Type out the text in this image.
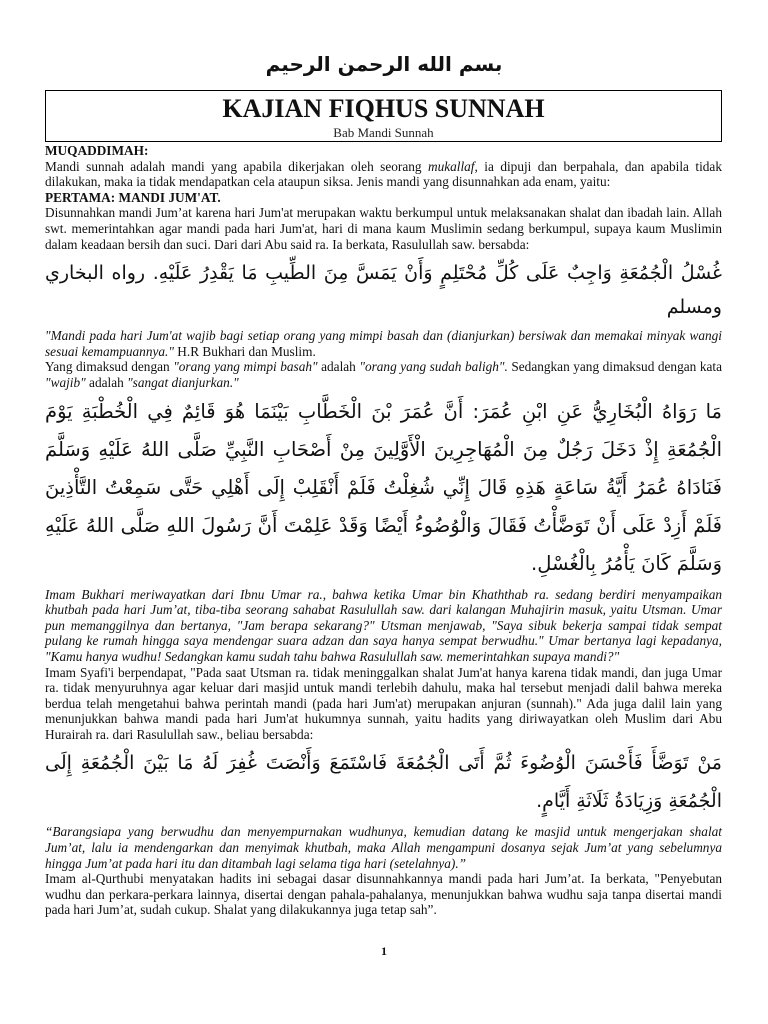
بسم الله الرحمن الرحيم
KAJIAN FIQHUS SUNNAH
Bab Mandi Sunnah

MUQADDIMAH:

Mandi sunnah adalah mandi yang apabila dikerjakan oleh seorang mukallaf, ia dipuji dan berpahala, dan apabila tidak dilakukan, maka ia tidak mendapatkan cela ataupun siksa. Jenis mandi yang disunnahkan ada enam, yaitu:

PERTAMA: MANDI JUM'AT.

Disunnahkan mandi Jum’at karena hari Jum'at merupakan waktu berkumpul untuk melaksanakan shalat dan ibadah lain. Allah swt. memerintahkan agar mandi pada hari Jum'at, hari di mana kaum Muslimin sedang berkumpul, supaya kaum Muslimin dalam keadaan bersih dan suci. Dari dari Abu said ra. Ia berkata, Rasulullah saw. bersabda:

غُسْلُ الْجُمُعَةِ وَاجِبٌ عَلَى كُلِّ مُحْتَلِمٍ وَأَنْ يَمَسَّ مِنَ الطِّيبِ مَا يَقْدِرُ عَلَيْهِ. رواه البخاري ومسلم

"Mandi pada hari Jum'at wajib bagi setiap orang yang mimpi basah dan (dianjurkan) bersiwak dan memakai minyak wangi sesuai kemampuannya." H.R Bukhari dan Muslim.

Yang dimaksud dengan "orang yang mimpi basah" adalah "orang yang sudah baligh". Sedangkan yang dimaksud dengan kata "wajib" adalah "sangat dianjurkan."

مَا رَوَاهُ الْبُخَارِيُّ عَنِ ابْنِ عُمَرَ: أَنَّ عُمَرَ بْنَ الْخَطَّابِ بَيْنَمَا هُوَ قَائِمٌ فِي الْخُطْبَةِ يَوْمَ الْجُمُعَةِ إِذْ دَخَلَ رَجُلٌ مِنَ الْمُهَاجِرِينَ الْأَوَّلِينَ مِنْ أَصْحَابِ النَّبِيِّ صَلَّى اللهُ عَلَيْهِ وَسَلَّمَ فَنَادَاهُ عُمَرُ أَيَّةُ سَاعَةٍ هَذِهِ قَالَ إِنِّي شُغِلْتُ فَلَمْ أَنْقَلِبْ إِلَى أَهْلِي حَتَّى سَمِعْتُ التَّأْذِينَ فَلَمْ أَزِدْ عَلَى أَنْ تَوَضَّأْتُ فَقَالَ وَالْوُضُوءُ أَيْضًا وَقَدْ عَلِمْتَ أَنَّ رَسُولَ اللهِ صَلَّى اللهُ عَلَيْهِ وَسَلَّمَ كَانَ يَأْمُرُ بِالْغُسْلِ.

Imam Bukhari meriwayatkan dari Ibnu Umar ra., bahwa ketika Umar bin Khaththab ra. sedang berdiri menyampaikan khutbah pada hari Jum’at, tiba-tiba seorang sahabat Rasulullah saw. dari kalangan Muhajirin masuk, yaitu Utsman. Umar pun memanggilnya dan bertanya, "Jam berapa sekarang?" Utsman menjawab, "Saya sibuk bekerja sampai tidak sempat pulang ke rumah hingga saya mendengar suara adzan dan saya hanya sempat berwudhu." Umar bertanya lagi kepadanya, "Kamu hanya wudhu! Sedangkan kamu sudah tahu bahwa Rasulullah saw. memerintahkan supaya mandi?"

Imam Syafi'i berpendapat, "Pada saat Utsman ra. tidak meninggalkan shalat Jum'at hanya karena tidak mandi, dan juga Umar ra. tidak menyuruhnya agar keluar dari masjid untuk mandi terlebih dahulu, maka hal tersebut menjadi dalil bahwa mereka berdua telah mengetahui bahwa perintah mandi (pada hari Jum'at) merupakan anjuran (sunnah)." Ada juga dalil lain yang menunjukkan bahwa mandi pada hari Jum'at hukumnya sunnah, yaitu hadits yang diriwayatkan oleh Muslim dari Abu Hurairah ra. dari Rasulullah saw., beliau bersabda:

مَنْ تَوَضَّأَ فَأَحْسَنَ الْوُضُوءَ ثُمَّ أَتَى الْجُمُعَةَ فَاسْتَمَعَ وَأَنْصَتَ غُفِرَ لَهُ مَا بَيْنَ الْجُمُعَةِ إِلَى الْجُمُعَةِ وَزِيَادَةُ ثَلَاثَةِ أَيَّامٍ.

“Barangsiapa yang berwudhu dan menyempurnakan wudhunya, kemudian datang ke masjid untuk mengerjakan shalat Jum’at, lalu ia mendengarkan dan menyimak khutbah, maka Allah mengampuni dosanya sejak Jum’at yang sebelumnya hingga Jum’at pada hari itu dan ditambah lagi selama tiga hari (setelahnya).”

Imam al-Qurthubi menyatakan hadits ini sebagai dasar disunnahkannya mandi pada hari Jum’at. Ia berkata, "Penyebutan wudhu dan perkara-perkara lainnya, disertai dengan pahala-pahalanya, menunjukkan bahwa wudhu saja tanpa disertai mandi pada hari Jum’at, sudah cukup. Shalat yang dilakukannya juga tetap sah”.

1
